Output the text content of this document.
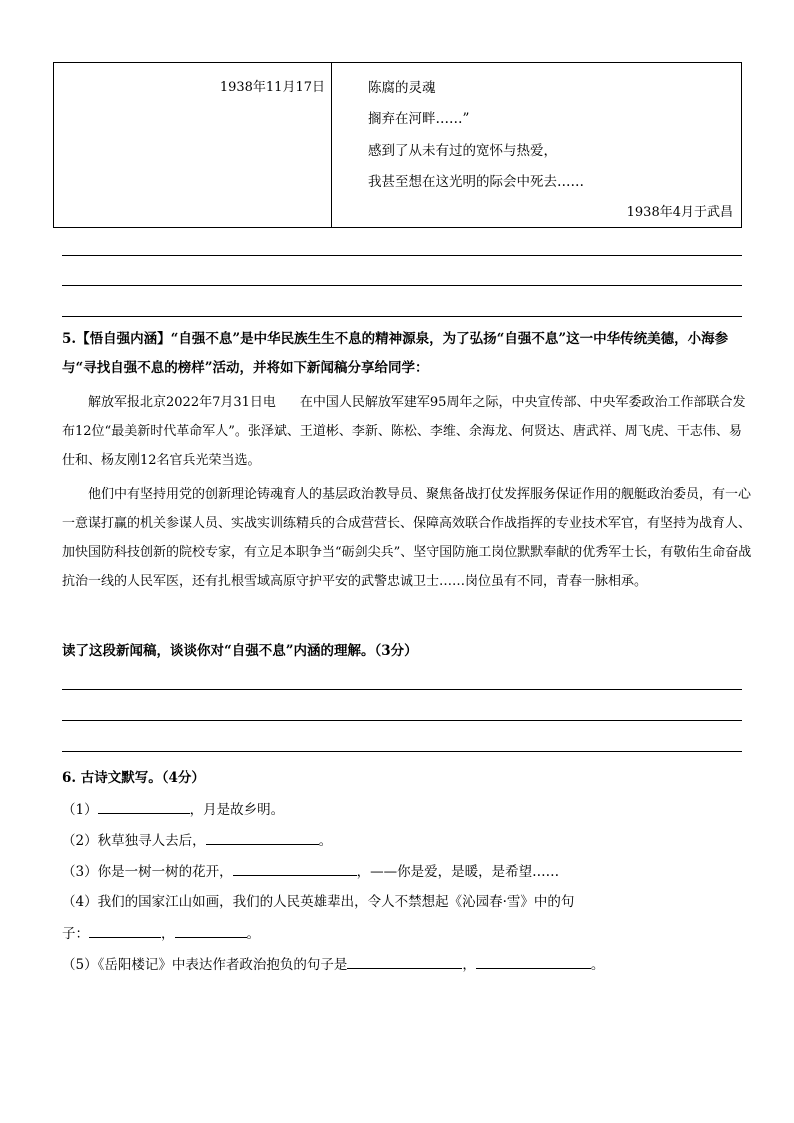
1938年11月17日	陈腐的灵魂
搁弃在河畔……”
感到了从未有过的宽怀与热爱，
我甚至想在这光明的际会中死去……
1938年4月于武昌
5.【悟自强内涵】“自强不息”是中华民族生生不息的精神源泉，为了弘扬“自强不息”这一中华传统美德，小海参与“寻找自强不息的榜样”活动，并将如下新闻稿分享给同学：
解放军报北京2022年7月31日电 在中国人民解放军建军95周年之际，中央宣传部、中央军委政治工作部联合发布12位“最美新时代革命军人”。张泽斌、王道彬、李新、陈松、李维、余海龙、何贤达、唐武祥、周飞虎、干志伟、易仕和、杨友刚12名官兵光荣当选。
他们中有坚持用党的创新理论铸魂育人的基层政治教导员、聚焦备战打仗发挥服务保证作用的舰艇政治委员，有一心一意谋打赢的机关参谋人员、实战实训练精兵的合成营营长、保障高效联合作战指挥的专业技术军官，有坚持为战育人、加快国防科技创新的院校专家，有立足本职争当“砺剑尖兵”、坚守国防施工岗位默默奉献的优秀军士长，有敬佑生命奋战抗治一线的人民军医，还有扎根雪域高原守护平安的武警忠诚卫士……岗位虽有不同，青春一脉相承。
读了这段新闻稿，谈谈你对“自强不息”内涵的理解。（3分）
6. 古诗文默写。（4分）
（1）	，月是故乡明。
（2）秋草独寻人去后，	。
（3）你是一树一树的花开，	，——你是爱，是暖，是希望……
（4）我们的国家江山如画，我们的人民英雄辈出，令人不禁想起《沁园春·雪》中的句
子：	，	。
（5）《岳阳楼记》中表达作者政治抱负的句子是	，	。
